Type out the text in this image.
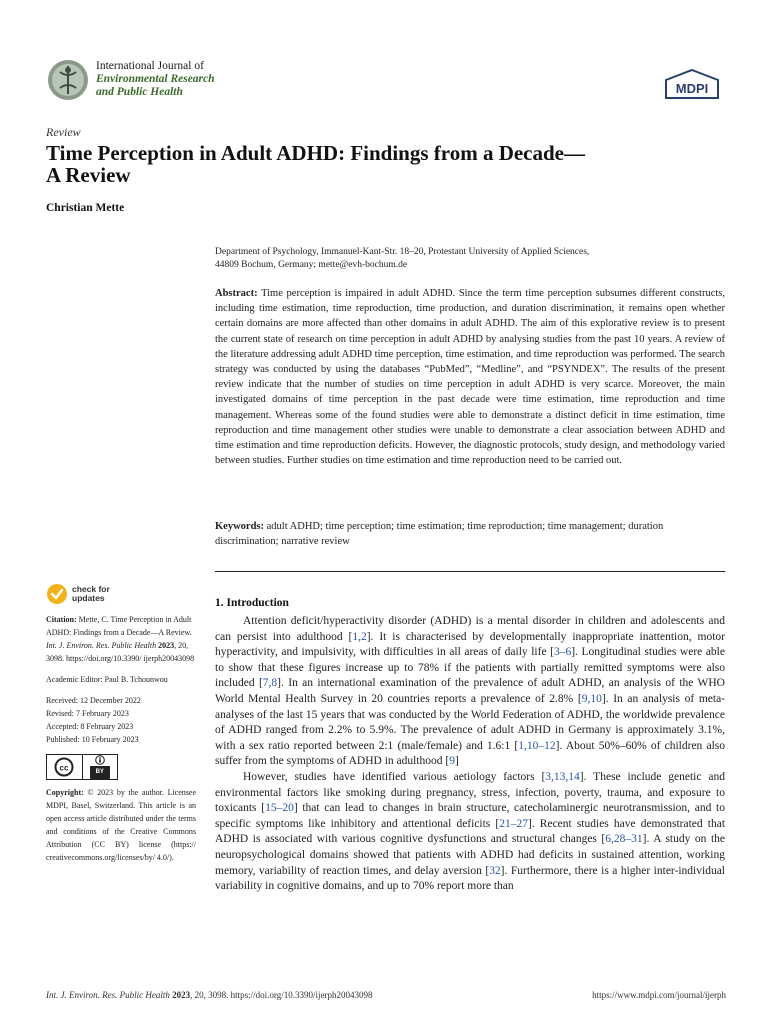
International Journal of
Environmental Research
and Public Health	MDPI
Review
Time Perception in Adult ADHD: Findings from a Decade—
A Review
Christian Mette
Department of Psychology, Immanuel-Kant-Str. 18–20, Protestant University of Applied Sciences,
44809 Bochum, Germany; mette@evh-bochum.de
Abstract: Time perception is impaired in adult ADHD. Since the term time perception subsumes different constructs, including time estimation, time reproduction, time production, and duration discrimination, it remains open whether certain domains are more affected than other domains in adult ADHD. The aim of this explorative review is to present the current state of research on time perception in adult ADHD by analysing studies from the past 10 years. A review of the literature addressing adult ADHD time perception, time estimation, and time reproduction was performed. The search strategy was conducted by using the databases “PubMed”, “Medline”, and “PSYNDEX”. The results of the present review indicate that the number of studies on time perception in adult ADHD is very scarce. Moreover, the main investigated domains of time perception in the past decade were time estimation, time reproduction and time management. Whereas some of the found studies were able to demonstrate a distinct deficit in time estimation, time reproduction and time management other studies were unable to demonstrate a clear association between ADHD and time estimation and time reproduction deficits. However, the diagnostic protocols, study design, and methodology varied between studies. Further studies on time estimation and time reproduction need to be carried out.
Keywords: adult ADHD; time perception; time estimation; time reproduction; time management; duration discrimination; narrative review
check for
updates

Citation: Mette, C. Time Perception in Adult ADHD: Findings from a Decade—A Review. Int. J. Environ. Res. Public Health 2023, 20, 3098. https://doi.org/10.3390/ ijerph20043098

Academic Editor: Paul B. Tchounwou

Received: 12 December 2022
Revised: 7 February 2023
Accepted: 8 February 2023
Published: 10 February 2023

cc	BY

Copyright: © 2023 by the author. Licensee MDPI, Basel, Switzerland. This article is an open access article distributed under the terms and conditions of the Creative Commons Attribution (CC BY) license (https:// creativecommons.org/licenses/by/ 4.0/).

1. Introduction

Attention deficit/hyperactivity disorder (ADHD) is a mental disorder in children and adolescents and can persist into adulthood [1,2]. It is characterised by developmentally inappropriate inattention, motor hyperactivity, and impulsivity, with difficulties in all areas of daily life [3–6]. Longitudinal studies were able to show that these figures increase up to 78% if the patients with partially remitted symptoms were also included [7,8]. In an international examination of the prevalence of adult ADHD, an analysis of the WHO World Mental Health Survey in 20 countries reports a prevalence of 2.8% [9,10]. In an analysis of meta-analyses of the last 15 years that was conducted by the World Federation of ADHD, the worldwide prevalence of ADHD ranged from 2.2% to 5.9%. The prevalence of adult ADHD in Germany is approximately 3.1%, with a sex ratio reported between 2:1 (male/female) and 1.6:1 [1,10–12]. About 50%–60% of children also suffer from the symptoms of ADHD in adulthood [9]

However, studies have identified various aetiology factors [3,13,14]. These include genetic and environmental factors like smoking during pregnancy, stress, infection, poverty, trauma, and exposure to toxicants [15–20] that can lead to changes in brain structure, catecholaminergic neurotransmission, and to specific symptoms like inhibitory and attentional deficits [21–27]. Recent studies have demonstrated that ADHD is associated with various cognitive dysfunctions and structural changes [6,28–31]. A study on the neuropsychological domains showed that patients with ADHD had deficits in sustained attention, working memory, variability of reaction times, and delay aversion [32]. Furthermore, there is a higher inter-individual variability in cognitive domains, and up to 70% report more than

Int. J. Environ. Res. Public Health 2023, 20, 3098. https://doi.org/10.3390/ijerph20043098	https://www.mdpi.com/journal/ijerph
